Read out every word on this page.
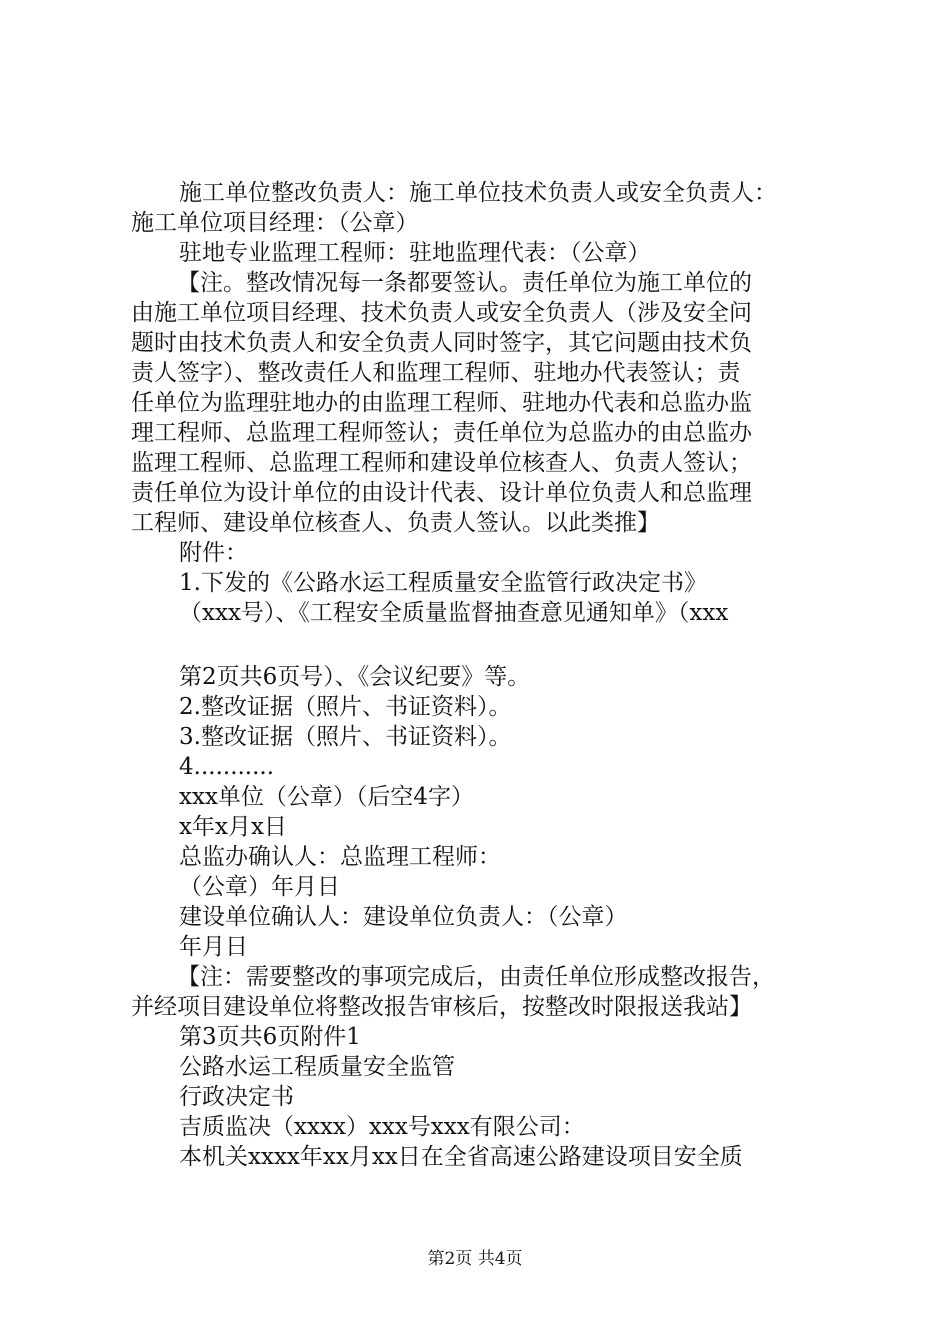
施工单位整改负责人：施工单位技术负责人或安全负责人：
施工单位项目经理：（公章）
驻地专业监理工程师：驻地监理代表：（公章）
【注。整改情况每一条都要签认。责任单位为施工单位的
由施工单位项目经理、技术负责人或安全负责人（涉及安全问
题时由技术负责人和安全负责人同时签字，其它问题由技术负
责人签字）、整改责任人和监理工程师、驻地办代表签认；责
任单位为监理驻地办的由监理工程师、驻地办代表和总监办监
理工程师、总监理工程师签认；责任单位为总监办的由总监办
监理工程师、总监理工程师和建设单位核查人、负责人签认；
责任单位为设计单位的由设计代表、设计单位负责人和总监理
工程师、建设单位核查人、负责人签认。以此类推】
附件：
1.下发的《公路水运工程质量安全监管行政决定书》
（xxx号）、《工程安全质量监督抽查意见通知单》（xxx
第2页共6页号）、《会议纪要》等。
2.整改证据（照片、书证资料）。
3.整改证据（照片、书证资料）。
4...........
xxx单位（公章）（后空4字）
x年x月x日
总监办确认人：总监理工程师：
（公章）年月日
建设单位确认人：建设单位负责人：（公章）
年月日
【注：需要整改的事项完成后，由责任单位形成整改报告，
并经项目建设单位将整改报告审核后，按整改时限报送我站】
第3页共6页附件1
公路水运工程质量安全监管
行政决定书
吉质监决（xxxx）xxx号xxx有限公司：
本机关xxxx年xx月xx日在全省高速公路建设项目安全质
第2页 共4页
